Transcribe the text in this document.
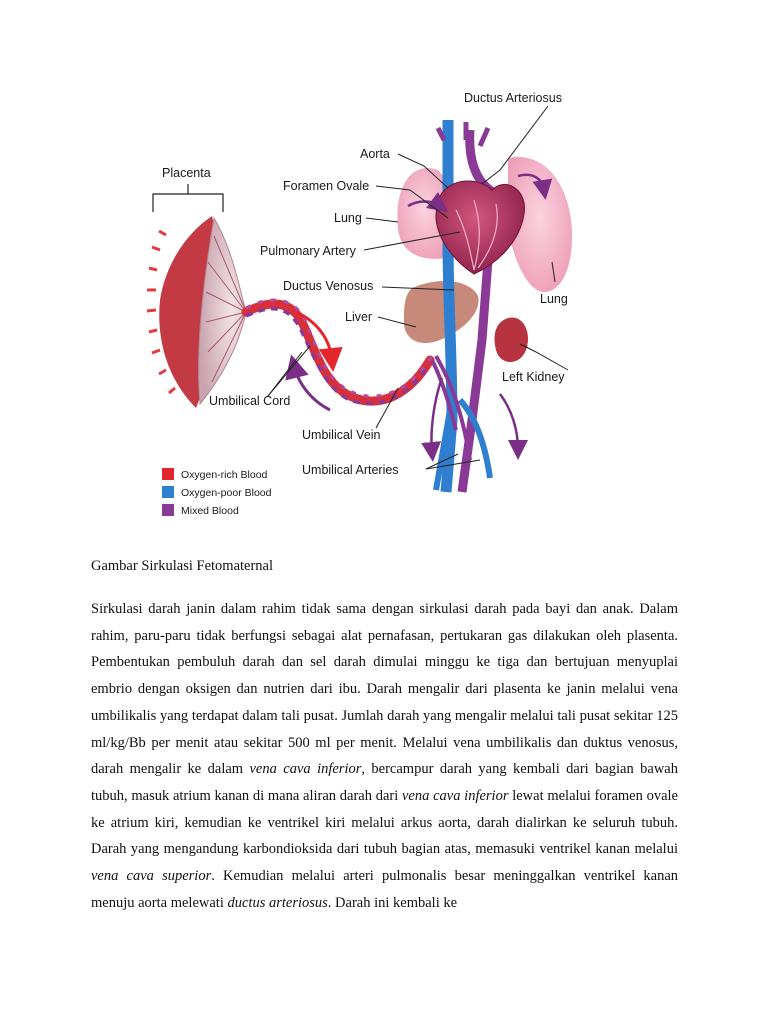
Ductus Arteriosus
Aorta
Foramen Ovale
Placenta
Lung
Pulmonary Artery
Ductus Venosus
Liver
Lung
Left Kidney
Umbilical Cord
Umbilical Vein
Umbilical Arteries
Oxygen-rich Blood
Oxygen-poor Blood
Mixed Blood
Gambar Sirkulasi Fetomaternal

Sirkulasi darah janin dalam rahim tidak sama dengan sirkulasi darah pada bayi dan anak. Dalam rahim, paru-paru tidak berfungsi sebagai alat pernafasan, pertukaran gas dilakukan oleh plasenta. Pembentukan pembuluh darah dan sel darah dimulai minggu ke tiga dan bertujuan menyuplai embrio dengan oksigen dan nutrien dari ibu. Darah mengalir dari plasenta ke janin melalui vena umbilikalis yang terdapat dalam tali pusat. Jumlah darah yang mengalir melalui tali pusat sekitar 125 ml/kg/Bb per menit atau sekitar 500 ml per menit. Melalui vena umbilikalis dan duktus venosus, darah mengalir ke dalam vena cava inferior, bercampur darah yang kembali dari bagian bawah tubuh, masuk atrium kanan di mana aliran darah dari vena cava inferior lewat melalui foramen ovale ke atrium kiri, kemudian ke ventrikel kiri melalui arkus aorta, darah dialirkan ke seluruh tubuh. Darah yang mengandung karbondioksida dari tubuh bagian atas, memasuki ventrikel kanan melalui vena cava superior. Kemudian melalui arteri pulmonalis besar meninggalkan ventrikel kanan menuju aorta melewati ductus arteriosus. Darah ini kembali ke
